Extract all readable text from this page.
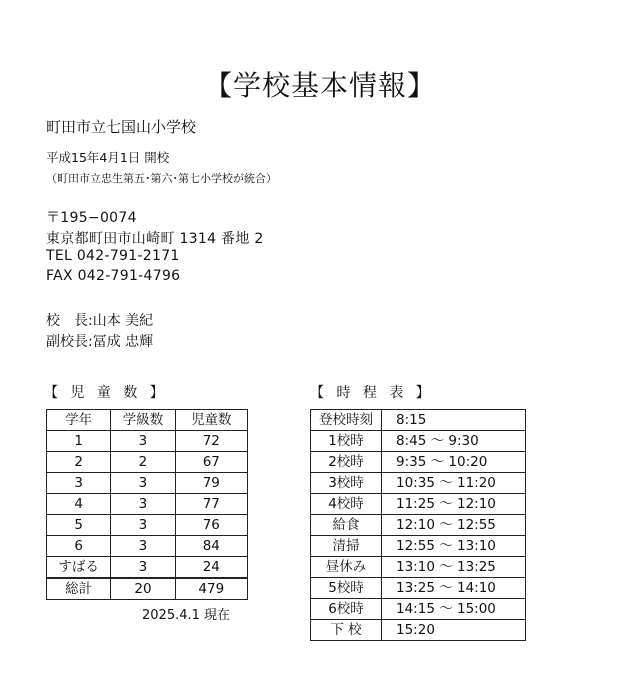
【学校基本情報】
町田市立七国山小学校
平成15年4月1日 開校
（町田市立忠生第五･第六･第七小学校が統合）
〒195−0074
東京都町田市山崎町 1314 番地 2
TEL 042-791-2171
FAX 042-791-4796
校　長:山本 美紀
副校長:冨成 忠輝
【 児 童 数 】	【 時 程 表 】
学年	学級数	児童数
1	3	72
2	2	67
3	3	79
4	3	77
5	3	76
6	3	84
すばる	3	24
総計	20	479
2025.4.1 現在
登校時刻	8:15
1校時	8:45 ～ 9:30
2校時	9:35 ～ 10:20
3校時	10:35 ～ 11:20
4校時	11:25 ～ 12:10
給食	12:10 ～ 12:55
清掃	12:55 ～ 13:10
昼休み	13:10 ～ 13:25
5校時	13:25 ～ 14:10
6校時	14:15 ～ 15:00
下 校	15:20
